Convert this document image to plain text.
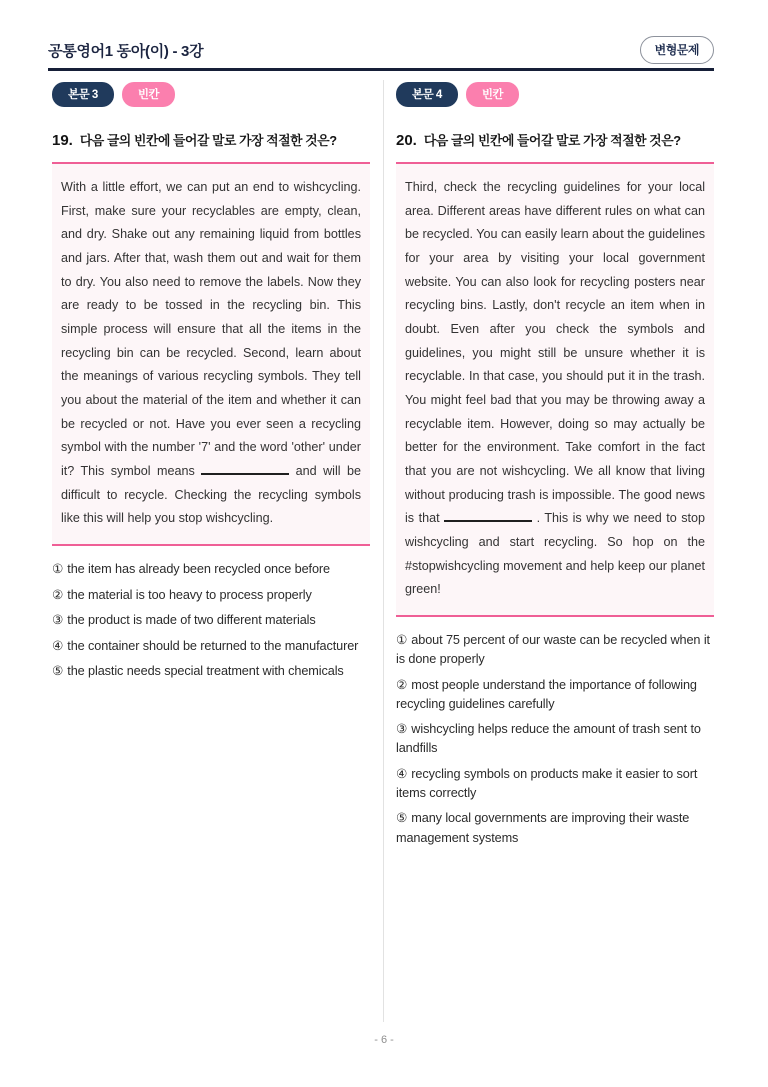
공통영어1 동아(이) - 3강	변형문제
본문 3	빈칸
19. 다음 글의 빈칸에 들어갈 말로 가장 적절한 것은?
With a little effort, we can put an end to wishcycling. First, make sure your recyclables are empty, clean, and dry. Shake out any remaining liquid from bottles and jars. After that, wash them out and wait for them to dry. You also need to remove the labels. Now they are ready to be tossed in the recycling bin. This simple process will ensure that all the items in the recycling bin can be recycled. Second, learn about the meanings of various recycling symbols. They tell you about the material of the item and whether it can be recycled or not. Have you ever seen a recycling symbol with the number '7' and the word 'other' under it? This symbol means	and will be difficult to recycle. Checking the recycling symbols like this will help you stop wishcycling.
① the item has already been recycled once before
② the material is too heavy to process properly
③ the product is made of two different materials
④ the container should be returned to the manufacturer
⑤ the plastic needs special treatment with chemicals
본문 4	빈칸
20. 다음 글의 빈칸에 들어갈 말로 가장 적절한 것은?
Third, check the recycling guidelines for your local area. Different areas have different rules on what can be recycled. You can easily learn about the guidelines for your area by visiting your local government website. You can also look for recycling posters near recycling bins. Lastly, don't recycle an item when in doubt. Even after you check the symbols and guidelines, you might still be unsure whether it is recyclable. In that case, you should put it in the trash. You might feel bad that you may be throwing away a recyclable item. However, doing so may actually be better for the environment. Take comfort in the fact that you are not wishcycling. We all know that living without producing trash is impossible. The good news is that	. This is why we need to stop wishcycling and start recycling. So hop on the #stopwishcycling movement and help keep our planet green!
① about 75 percent of our waste can be recycled when it is done properly
② most people understand the importance of following recycling guidelines carefully
③ wishcycling helps reduce the amount of trash sent to landfills
④ recycling symbols on products make it easier to sort items correctly
⑤ many local governments are improving their waste management systems
- 6 -
